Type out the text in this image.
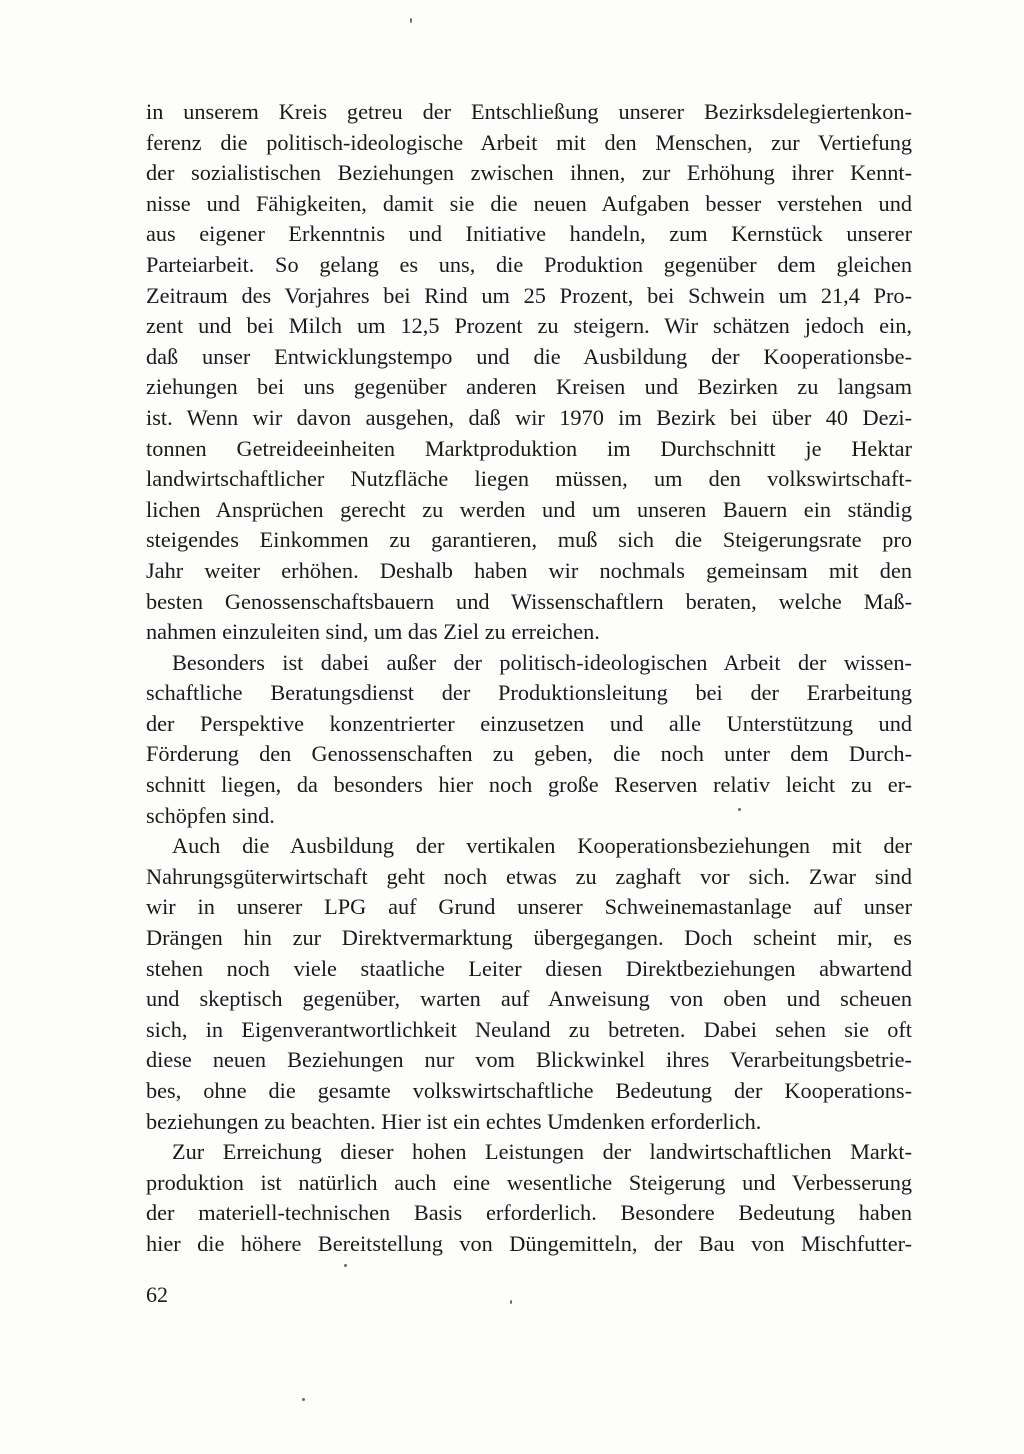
in unserem Kreis getreu der Entschließung unserer Bezirksdelegiertenkon-
ferenz die politisch-ideologische Arbeit mit den Menschen, zur Vertiefung
der sozialistischen Beziehungen zwischen ihnen, zur Erhöhung ihrer Kennt-
nisse und Fähigkeiten, damit sie die neuen Aufgaben besser verstehen und
aus eigener Erkenntnis und Initiative handeln, zum Kernstück unserer
Parteiarbeit. So gelang es uns, die Produktion gegenüber dem gleichen
Zeitraum des Vorjahres bei Rind um 25 Prozent, bei Schwein um 21,4 Pro-
zent und bei Milch um 12,5 Prozent zu steigern. Wir schätzen jedoch ein,
daß unser Entwicklungstempo und die Ausbildung der Kooperationsbe-
ziehungen bei uns gegenüber anderen Kreisen und Bezirken zu langsam
ist. Wenn wir davon ausgehen, daß wir 1970 im Bezirk bei über 40 Dezi-
tonnen Getreideeinheiten Marktproduktion im Durchschnitt je Hektar
landwirtschaftlicher Nutzfläche liegen müssen, um den volkswirtschaft-
lichen Ansprüchen gerecht zu werden und um unseren Bauern ein ständig
steigendes Einkommen zu garantieren, muß sich die Steigerungsrate pro
Jahr weiter erhöhen. Deshalb haben wir nochmals gemeinsam mit den
besten Genossenschaftsbauern und Wissenschaftlern beraten, welche Maß-
nahmen einzuleiten sind, um das Ziel zu erreichen.
Besonders ist dabei außer der politisch-ideologischen Arbeit der wissen-
schaftliche Beratungsdienst der Produktionsleitung bei der Erarbeitung
der Perspektive konzentrierter einzusetzen und alle Unterstützung und
Förderung den Genossenschaften zu geben, die noch unter dem Durch-
schnitt liegen, da besonders hier noch große Reserven relativ leicht zu er-
schöpfen sind.
Auch die Ausbildung der vertikalen Kooperationsbeziehungen mit der
Nahrungsgüterwirtschaft geht noch etwas zu zaghaft vor sich. Zwar sind
wir in unserer LPG auf Grund unserer Schweinemastanlage auf unser
Drängen hin zur Direktvermarktung übergegangen. Doch scheint mir, es
stehen noch viele staatliche Leiter diesen Direktbeziehungen abwartend
und skeptisch gegenüber, warten auf Anweisung von oben und scheuen
sich, in Eigenverantwortlichkeit Neuland zu betreten. Dabei sehen sie oft
diese neuen Beziehungen nur vom Blickwinkel ihres Verarbeitungsbetrie-
bes, ohne die gesamte volkswirtschaftliche Bedeutung der Kooperations-
beziehungen zu beachten. Hier ist ein echtes Umdenken erforderlich.
Zur Erreichung dieser hohen Leistungen der landwirtschaftlichen Markt-
produktion ist natürlich auch eine wesentliche Steigerung und Verbesserung
der materiell-technischen Basis erforderlich. Besondere Bedeutung haben
hier die höhere Bereitstellung von Düngemitteln, der Bau von Mischfutter-
62
